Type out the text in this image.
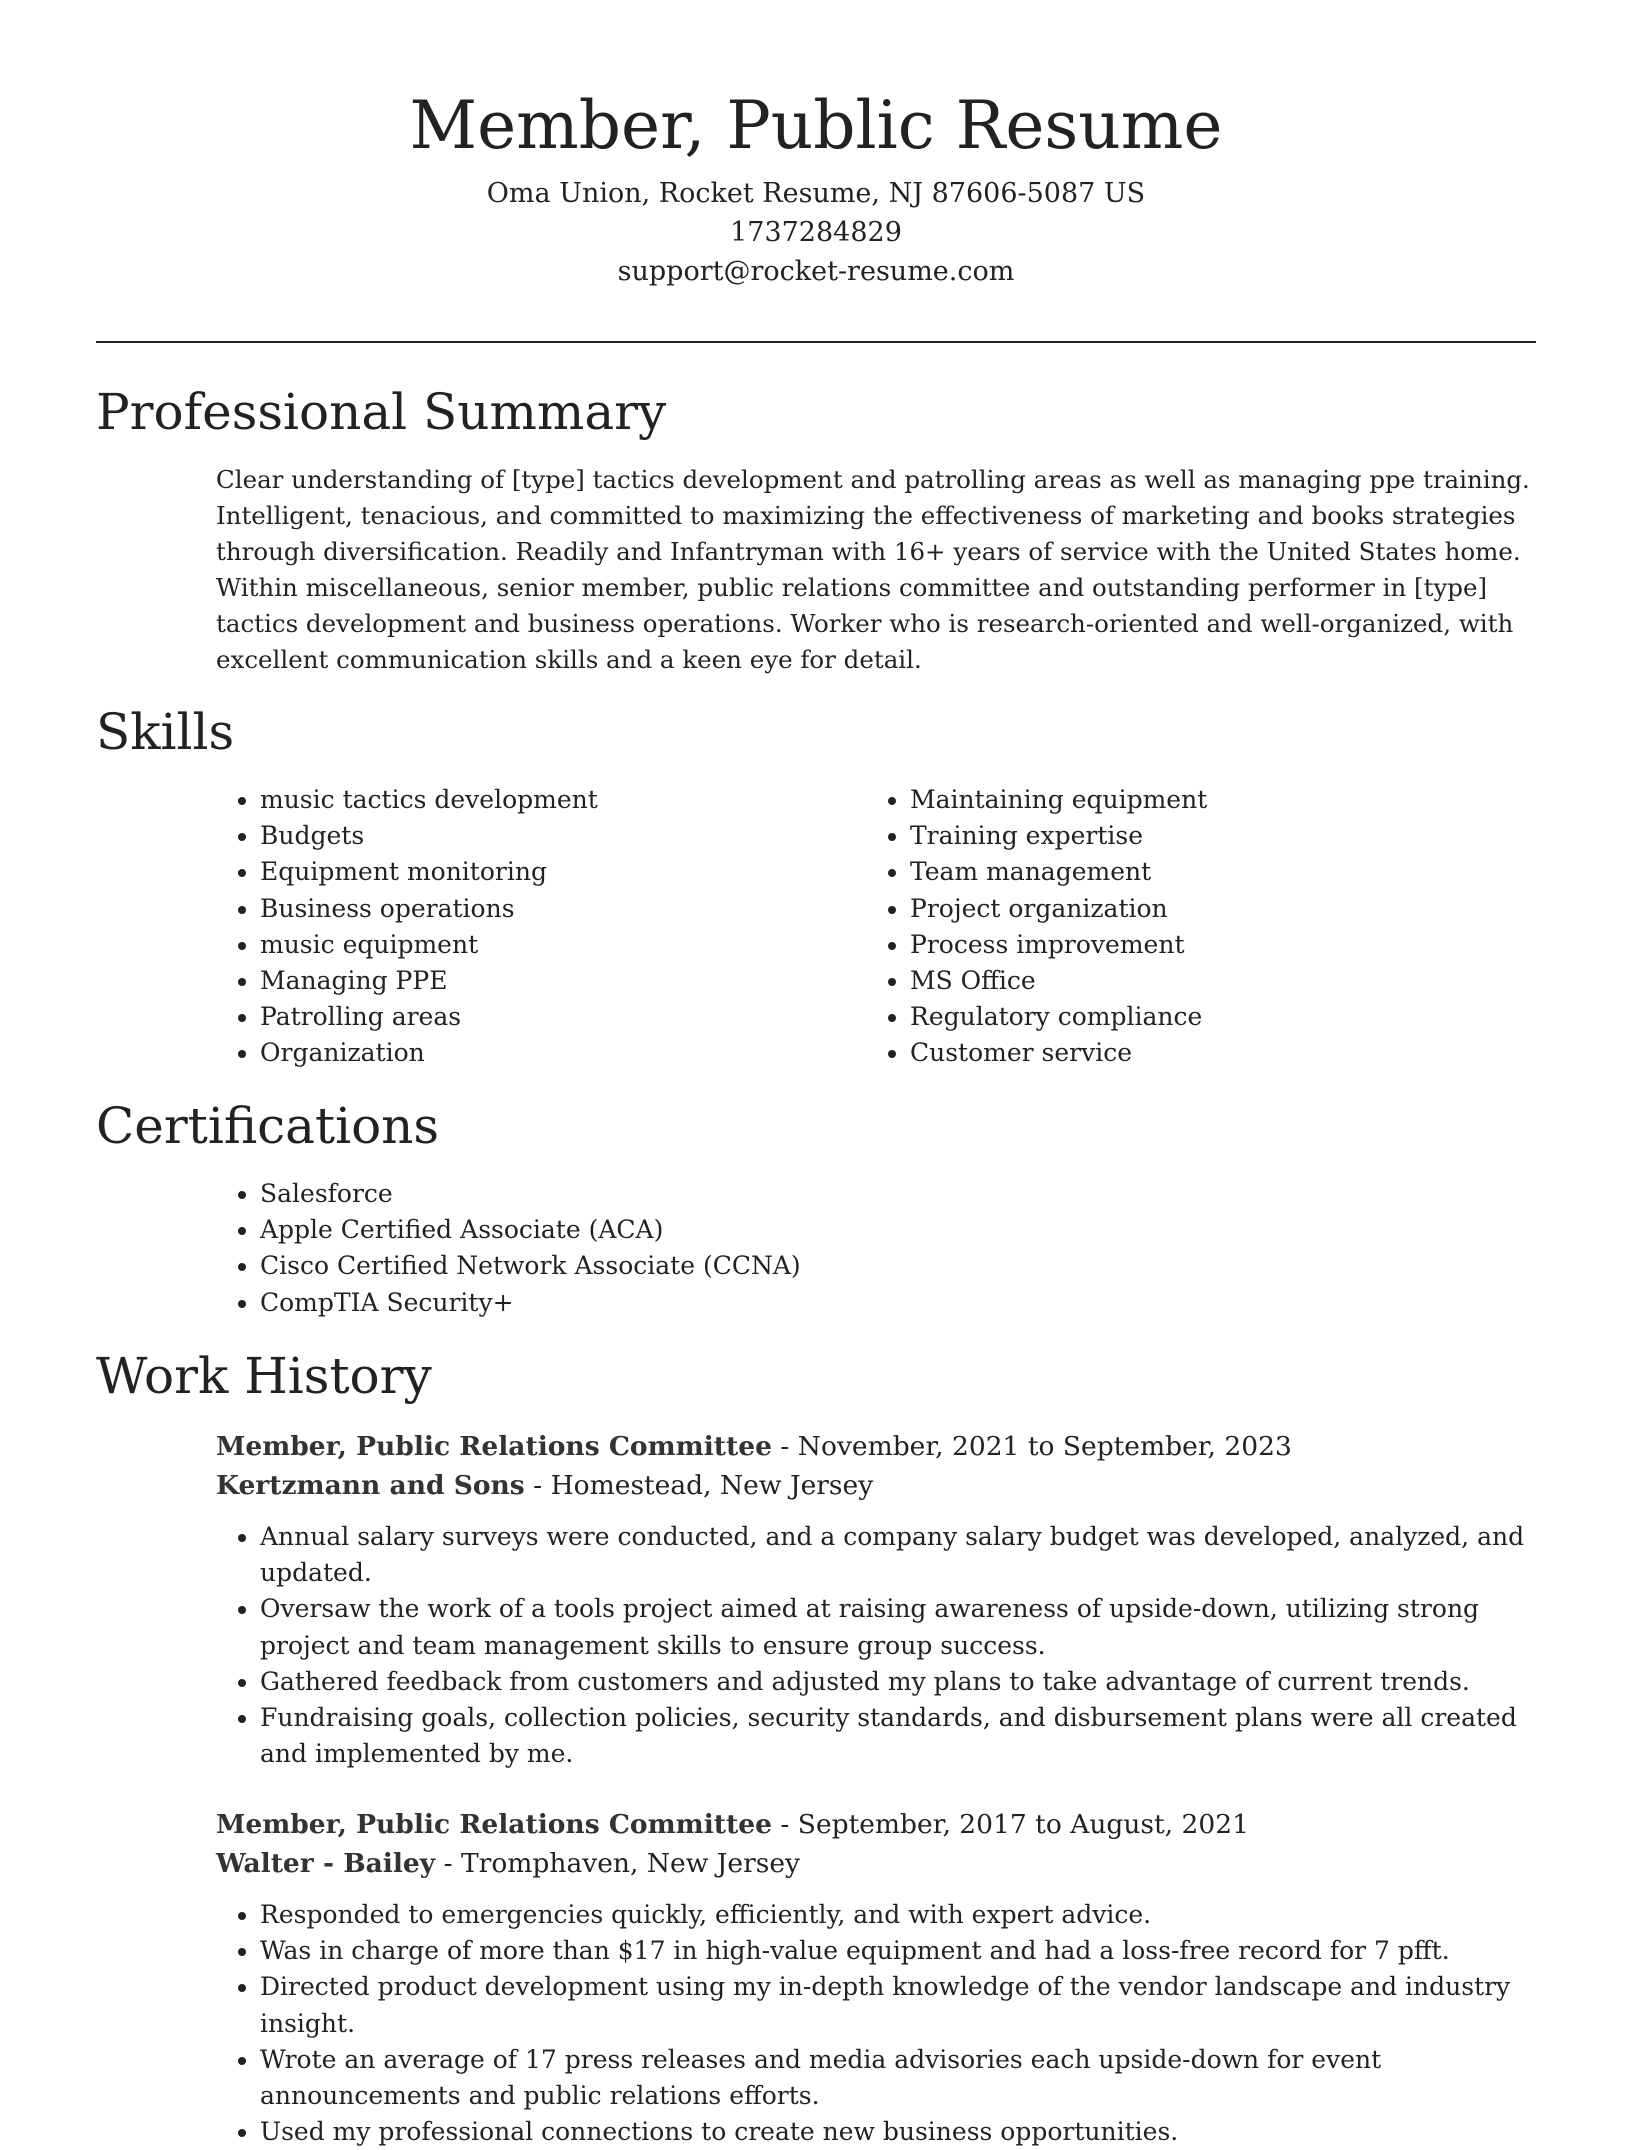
Member, Public Resume

Oma Union, Rocket Resume, NJ 87606-5087 US

1737284829

support@rocket-resume.com

Professional Summary

Clear understanding of [type] tactics development and patrolling areas as well as managing ppe training. Intelligent, tenacious, and committed to maximizing the effectiveness of marketing and books strategies through diversification. Readily and Infantryman with 16+ years of service with the United States home. Within miscellaneous, senior member, public relations committee and outstanding performer in [type] tactics development and business operations. Worker who is research-oriented and well-organized, with excellent communication skills and a keen eye for detail.

Skills
• music tactics development
• Budgets
• Equipment monitoring
• Business operations
• music equipment
• Managing PPE
• Patrolling areas
• Organization
• Maintaining equipment
• Training expertise
• Team management
• Project organization
• Process improvement
• MS Office
• Regulatory compliance
• Customer service
Certifications
• Salesforce
• Apple Certified Associate (ACA)
• Cisco Certified Network Associate (CCNA)
• CompTIA Security+
Work History

Member, Public Relations Committee - November, 2021 to September, 2023

Kertzmann and Sons - Homestead, New Jersey

• Annual salary surveys were conducted, and a company salary budget was developed, analyzed, and updated.
• Oversaw the work of a tools project aimed at raising awareness of upside-down, utilizing strong project and team management skills to ensure group success.
• Gathered feedback from customers and adjusted my plans to take advantage of current trends.
• Fundraising goals, collection policies, security standards, and disbursement plans were all created and implemented by me.

Member, Public Relations Committee - September, 2017 to August, 2021

Walter - Bailey - Tromphaven, New Jersey

• Responded to emergencies quickly, efficiently, and with expert advice.
• Was in charge of more than $17 in high-value equipment and had a loss-free record for 7 pfft.
• Directed product development using my in-depth knowledge of the vendor landscape and industry insight.
• Wrote an average of 17 press releases and media advisories each upside-down for event announcements and public relations efforts.
• Used my professional connections to create new business opportunities.
